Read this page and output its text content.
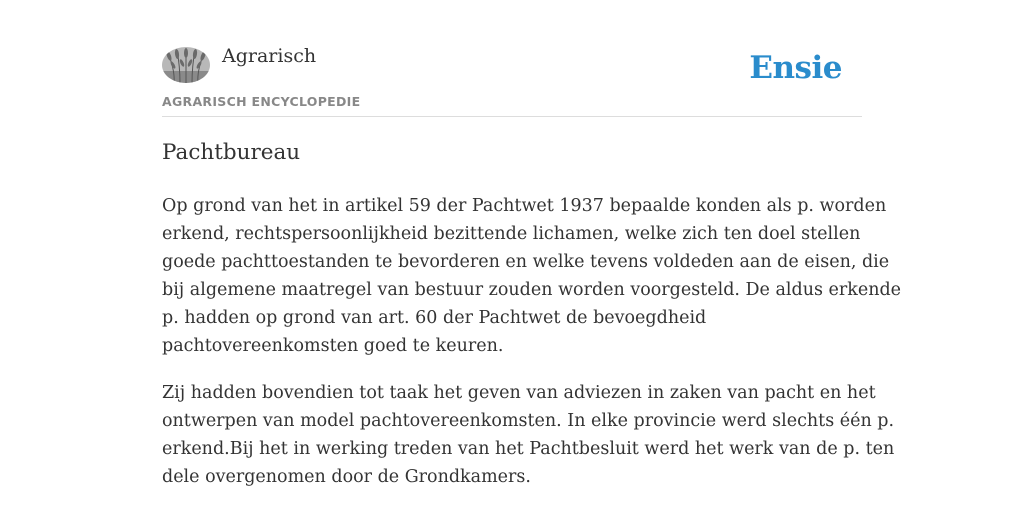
Agrarisch
AGRARISCH ENCYCLOPEDIE
Ensie
Pachtbureau

Op grond van het in artikel 59 der Pachtwet 1937 bepaalde konden als p. worden
erkend, rechtspersoonlijkheid bezittende lichamen, welke zich ten doel stellen
goede pachttoestanden te bevorderen en welke tevens voldeden aan de eisen, die
bij algemene maatregel van bestuur zouden worden voorgesteld. De aldus erkende
p. hadden op grond van art. 60 der Pachtwet de bevoegdheid
pachtovereenkomsten goed te keuren.

Zij hadden bovendien tot taak het geven van adviezen in zaken van pacht en het
ontwerpen van model pachtovereenkomsten. In elke provincie werd slechts één p.
erkend.Bij het in werking treden van het Pachtbesluit werd het werk van de p. ten
dele overgenomen door de Grondkamers.
